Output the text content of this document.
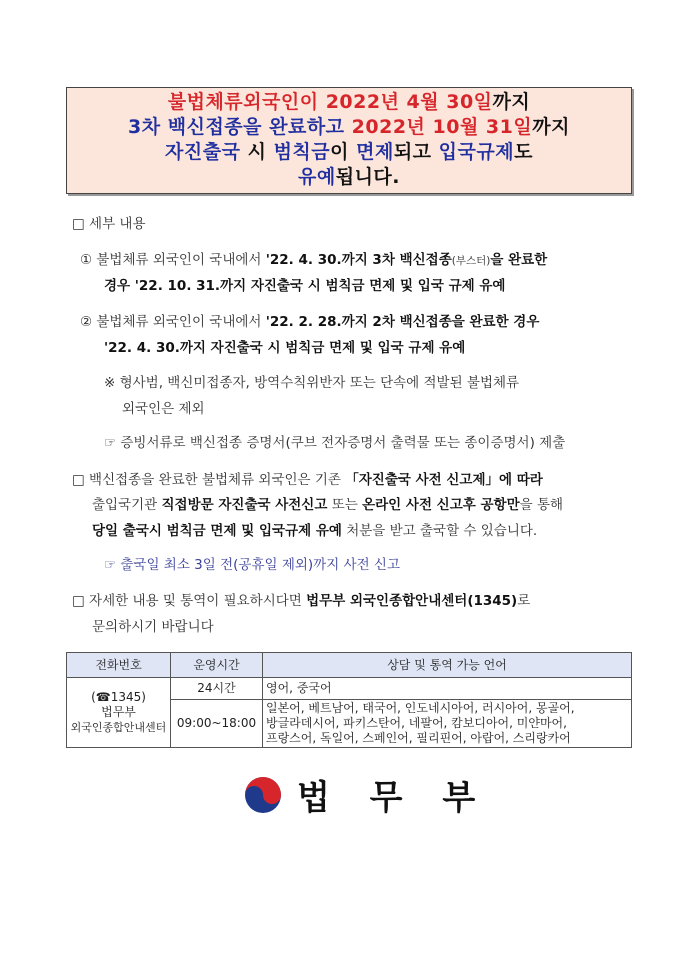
불법체류외국인이 2022년 4월 30일까지
3차 백신접종을 완료하고 2022년 10월 31일까지
자진출국 시 범칙금이 면제되고 입국규제도
유예됩니다.
□ 세부 내용
① 불법체류 외국인이 국내에서 '22. 4. 30.까지 3차 백신접종(부스터)을 완료한
경우 '22. 10. 31.까지 자진출국 시 범칙금 면제 및 입국 규제 유예
② 불법체류 외국인이 국내에서 '22. 2. 28.까지 2차 백신접종을 완료한 경우
'22. 4. 30.까지 자진출국 시 범칙금 면제 및 입국 규제 유예
※ 형사범, 백신미접종자, 방역수칙위반자 또는 단속에 적발된 불법체류
외국인은 제외
☞ 증빙서류로 백신접종 증명서(쿠브 전자증명서 출력물 또는 종이증명서) 제출
□ 백신접종을 완료한 불법체류 외국인은 기존 「자진출국 사전 신고제」에 따라
출입국기관 직접방문 자진출국 사전신고 또는 온라인 사전 신고후 공항만을 통해
당일 출국시 범칙금 면제 및 입국규제 유예 처분을 받고 출국할 수 있습니다.
☞ 출국일 최소 3일 전(공휴일 제외)까지 사전 신고
□ 자세한 내용 및 통역이 필요하시다면 법무부 외국인종합안내센터(1345)로
문의하시기 바랍니다
전화번호	운영시간	상담 및 통역 가능 언어

(☎1345)
법무부
외국인종합안내센터	24시간	영어, 중국어
	09:00~18:00	일본어, 베트남어, 태국어, 인도네시아어, 러시아어, 몽골어,
방글라데시어, 파키스탄어, 네팔어, 캄보디아어, 미얀마어,
프랑스어, 독일어, 스페인어, 필리핀어, 아랍어, 스리랑카어
법 무 부
